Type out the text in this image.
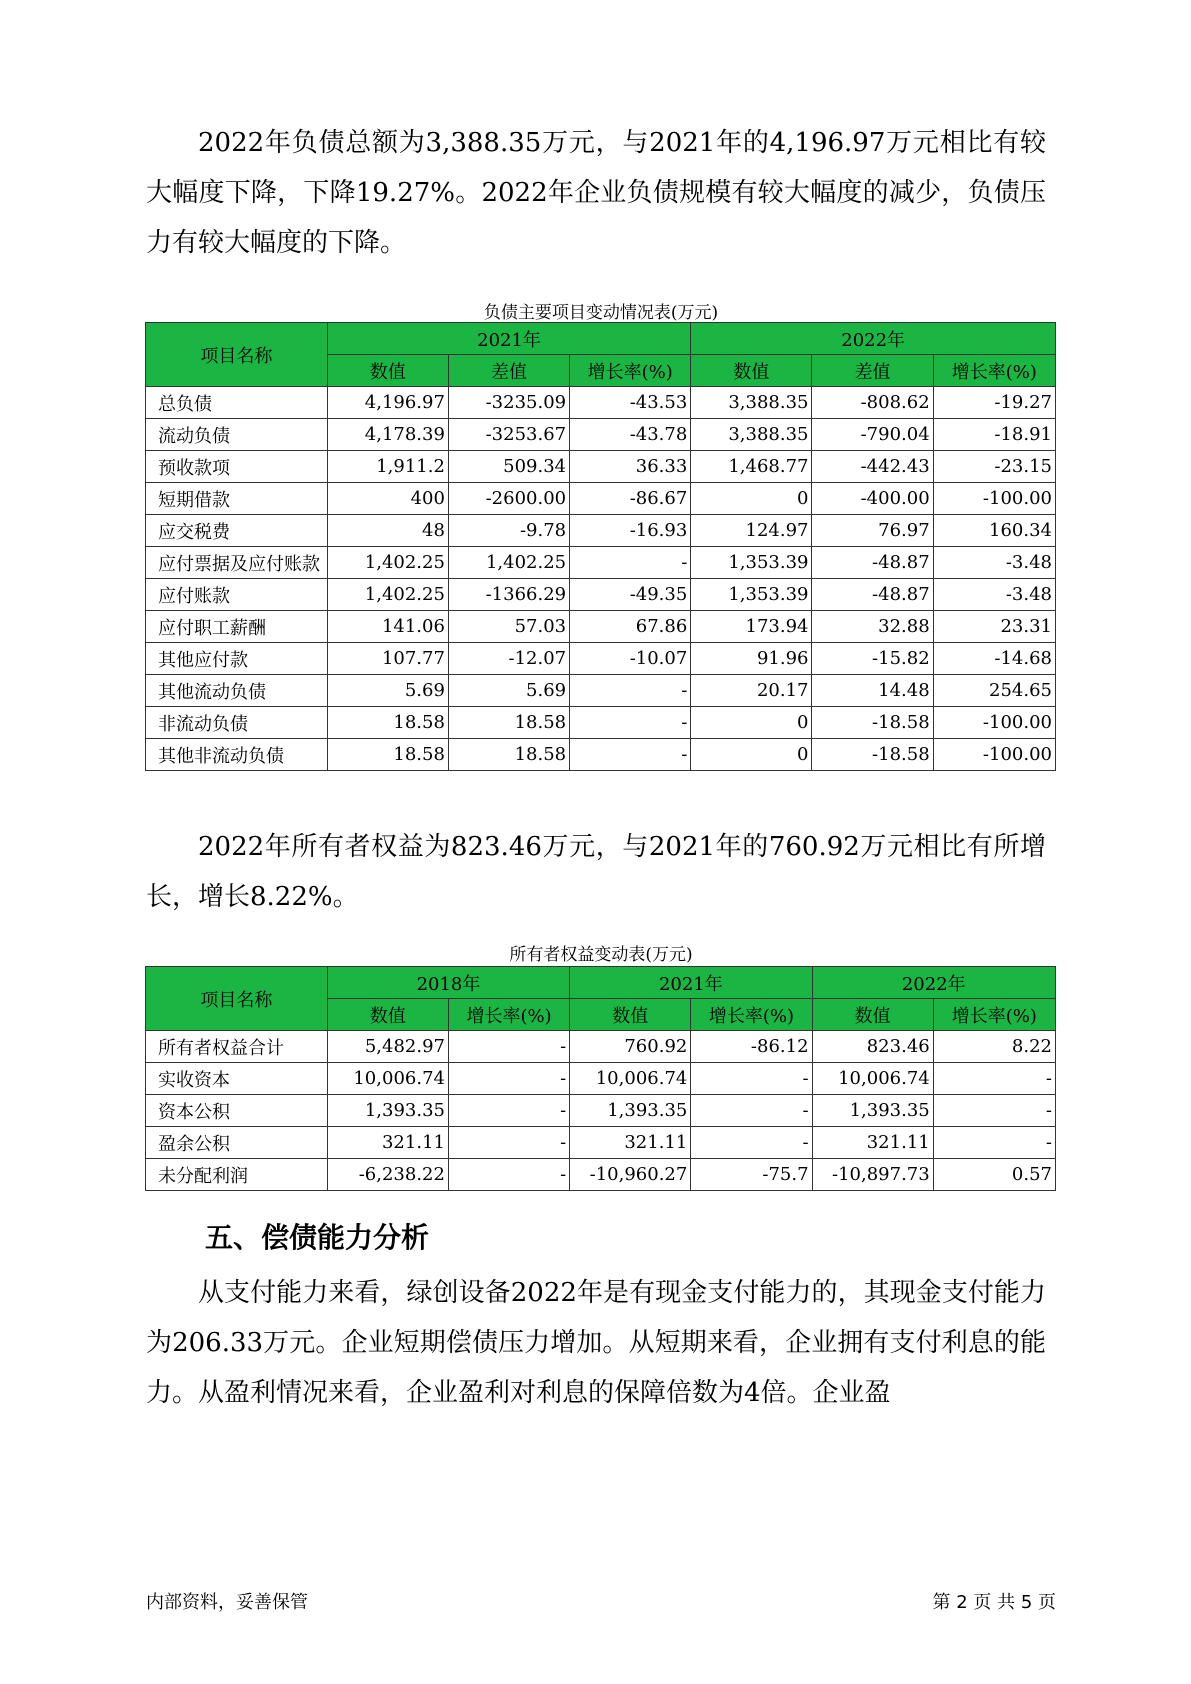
2022年负债总额为3,388.35万元，与2021年的4,196.97万元相比有较大幅度下降，下降19.27%。2022年企业负债规模有较大幅度的减少，负债压力有较大幅度的下降。

负债主要项目变动情况表(万元)
项目名称	2021年			2022年		
	数值	差值	增长率(%)	数值	差值	增长率(%)
总负债	4,196.97	-3235.09	-43.53	3,388.35	-808.62	-19.27
流动负债	4,178.39	-3253.67	-43.78	3,388.35	-790.04	-18.91
预收款项	1,911.2	509.34	36.33	1,468.77	-442.43	-23.15
短期借款	400	-2600.00	-86.67	0	-400.00	-100.00
应交税费	48	-9.78	-16.93	124.97	76.97	160.34
应付票据及应付账款	1,402.25	1,402.25	-	1,353.39	-48.87	-3.48
应付账款	1,402.25	-1366.29	-49.35	1,353.39	-48.87	-3.48
应付职工薪酬	141.06	57.03	67.86	173.94	32.88	23.31
其他应付款	107.77	-12.07	-10.07	91.96	-15.82	-14.68
其他流动负债	5.69	5.69	-	20.17	14.48	254.65
非流动负债	18.58	18.58	-	0	-18.58	-100.00
其他非流动负债	18.58	18.58	-	0	-18.58	-100.00

2022年所有者权益为823.46万元，与2021年的760.92万元相比有所增长，增长8.22%。

所有者权益变动表(万元)
项目名称	2018年		2021年		2022年	
	数值	增长率(%)	数值	增长率(%)	数值	增长率(%)
所有者权益合计	5,482.97	-	760.92	-86.12	823.46	8.22
实收资本	10,006.74	-	10,006.74	-	10,006.74	-
资本公积	1,393.35	-	1,393.35	-	1,393.35	-
盈余公积	321.11	-	321.11	-	321.11	-
未分配利润	-6,238.22	-	-10,960.27	-75.7	-10,897.73	0.57
五、偿债能力分析

从支付能力来看，绿创设备2022年是有现金支付能力的，其现金支付能力为206.33万元。企业短期偿债压力增加。从短期来看，企业拥有支付利息的能力。从盈利情况来看，企业盈利对利息的保障倍数为4倍。企业盈

内部资料，妥善保管	第 2 页 共 5 页
